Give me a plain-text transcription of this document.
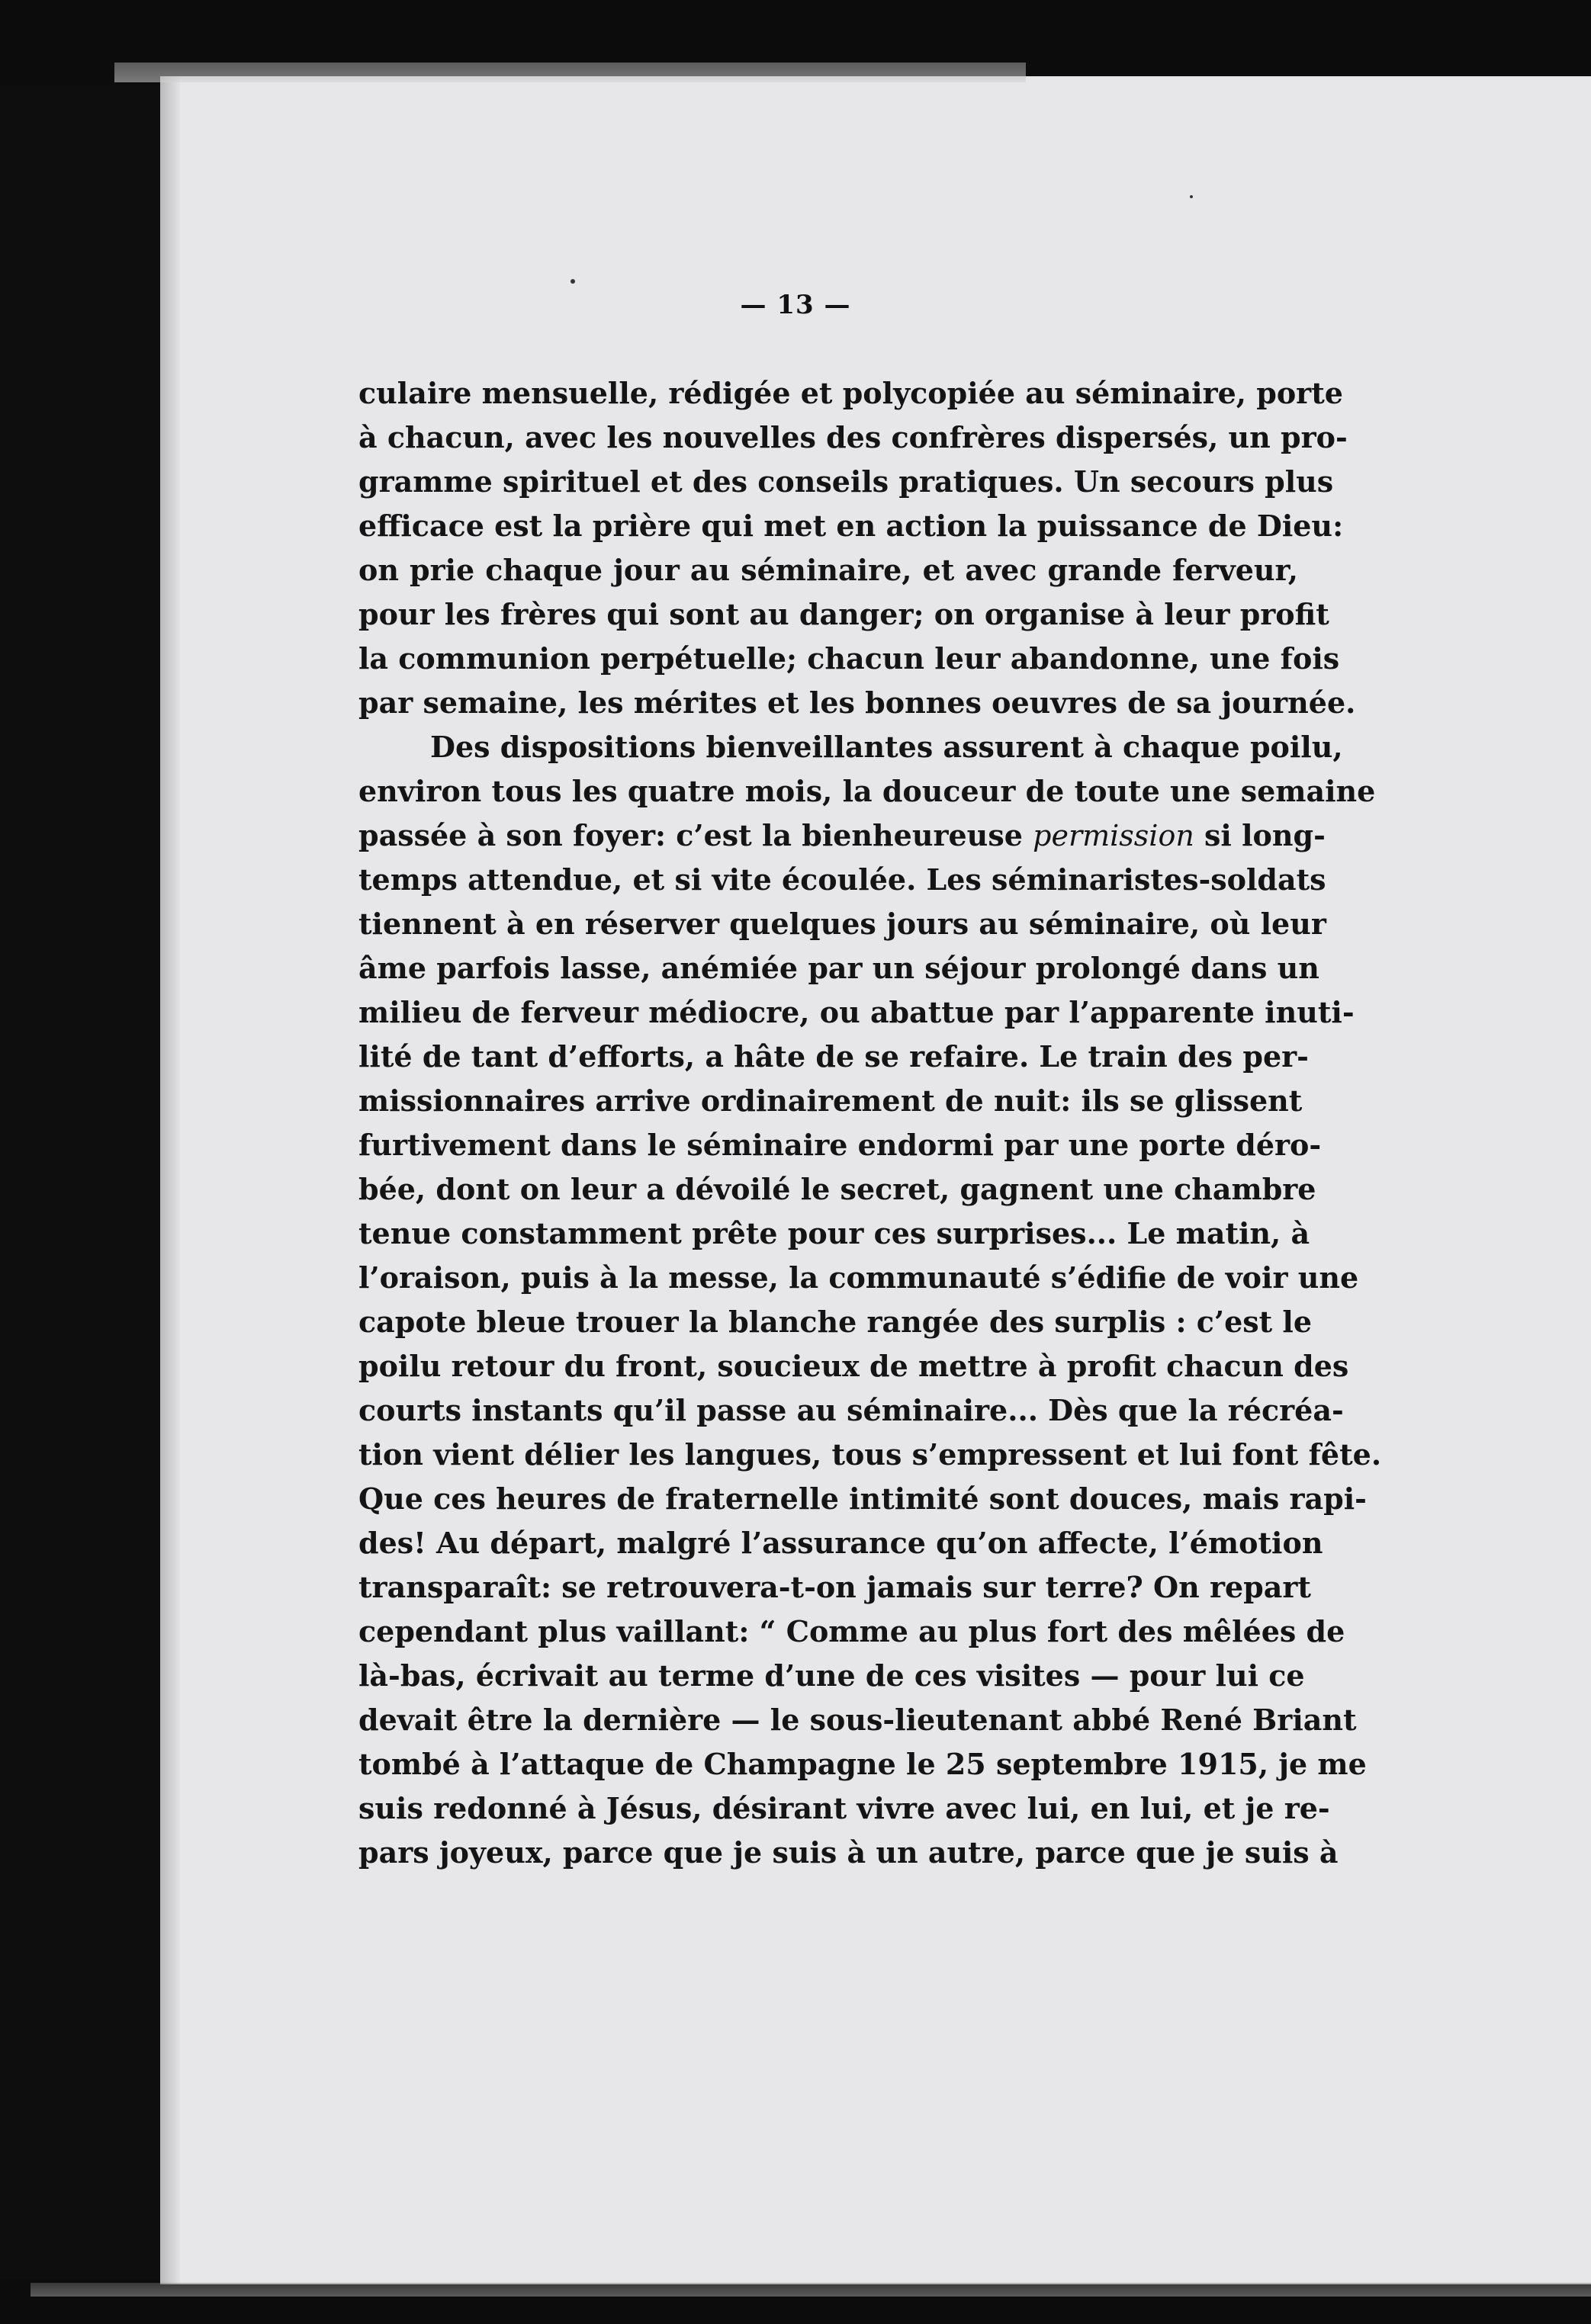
— 13 —
culaire mensuelle, rédigée et polycopiée au séminaire, porte
à chacun, avec les nouvelles des confrères dispersés, un pro-
gramme spirituel et des conseils pratiques. Un secours plus
efficace est la prière qui met en action la puissance de Dieu:
on prie chaque jour au séminaire, et avec grande ferveur,
pour les frères qui sont au danger; on organise à leur profit
la communion perpétuelle; chacun leur abandonne, une fois
par semaine, les mérites et les bonnes oeuvres de sa journée.
Des dispositions bienveillantes assurent à chaque poilu,
environ tous les quatre mois, la douceur de toute une semaine
passée à son foyer: c’est la bienheureuse permission si long-
temps attendue, et si vite écoulée. Les séminaristes-soldats
tiennent à en réserver quelques jours au séminaire, où leur
âme parfois lasse, anémiée par un séjour prolongé dans un
milieu de ferveur médiocre, ou abattue par l’apparente inuti-
lité de tant d’efforts, a hâte de se refaire. Le train des per-
missionnaires arrive ordinairement de nuit: ils se glissent
furtivement dans le séminaire endormi par une porte déro-
bée, dont on leur a dévoilé le secret, gagnent une chambre
tenue constamment prête pour ces surprises... Le matin, à
l’oraison, puis à la messe, la communauté s’édifie de voir une
capote bleue trouer la blanche rangée des surplis : c’est le
poilu retour du front, soucieux de mettre à profit chacun des
courts instants qu’il passe au séminaire... Dès que la récréa-
tion vient délier les langues, tous s’empressent et lui font fête.
Que ces heures de fraternelle intimité sont douces, mais rapi-
des! Au départ, malgré l’assurance qu’on affecte, l’émotion
transparaît: se retrouvera-t-on jamais sur terre? On repart
cependant plus vaillant: “ Comme au plus fort des mêlées de
là-bas, écrivait au terme d’une de ces visites — pour lui ce
devait être la dernière — le sous-lieutenant abbé René Briant
tombé à l’attaque de Champagne le 25 septembre 1915, je me
suis redonné à Jésus, désirant vivre avec lui, en lui, et je re-
pars joyeux, parce que je suis à un autre, parce que je suis à
